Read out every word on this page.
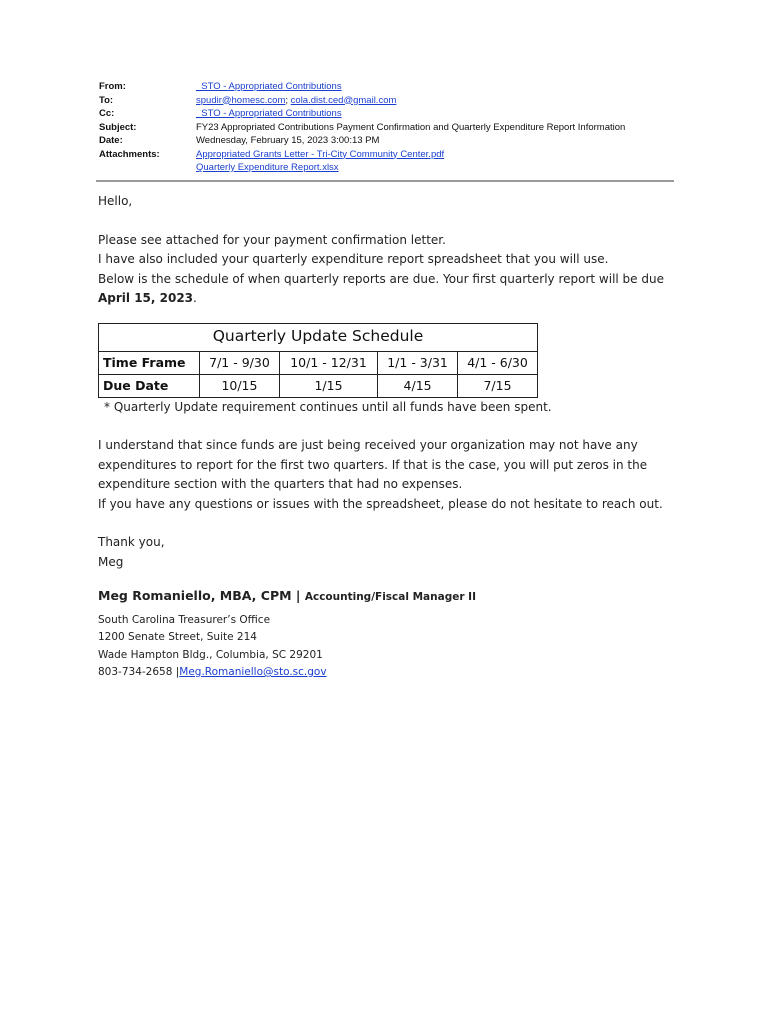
From:	_STO - Appropriated Contributions
To:	spudir@homesc.com; cola.dist.ced@gmail.com
Cc:	_STO - Appropriated Contributions
Subject:	FY23 Appropriated Contributions Payment Confirmation and Quarterly Expenditure Report Information
Date:	Wednesday, February 15, 2023 3:00:13 PM
Attachments:	Appropriated Grants Letter - Tri-City Community Center.pdf
Quarterly Expenditure Report.xlsx

Hello,

Please see attached for your payment confirmation letter.

I have also included your quarterly expenditure report spreadsheet that you will use.

Below is the schedule of when quarterly reports are due. Your first quarterly report will be due April 15, 2023.

Quarterly Update Schedule				
Time Frame	7/1 - 9/30	10/1 - 12/31	1/1 - 3/31	4/1 - 6/30
Due Date	10/15	1/15	4/15	7/15

* Quarterly Update requirement continues until all funds have been spent.

I understand that since funds are just being received your organization may not have any expenditures to report for the first two quarters. If that is the case, you will put zeros in the expenditure section with the quarters that had no expenses.

If you have any questions or issues with the spreadsheet, please do not hesitate to reach out.

Thank you,

Meg

Meg Romaniello, MBA, CPM | Accounting/Fiscal Manager II
South Carolina Treasurer’s Office
1200 Senate Street, Suite 214
Wade Hampton Bldg., Columbia, SC 29201
803-734-2658 |Meg.Romaniello@sto.sc.gov
